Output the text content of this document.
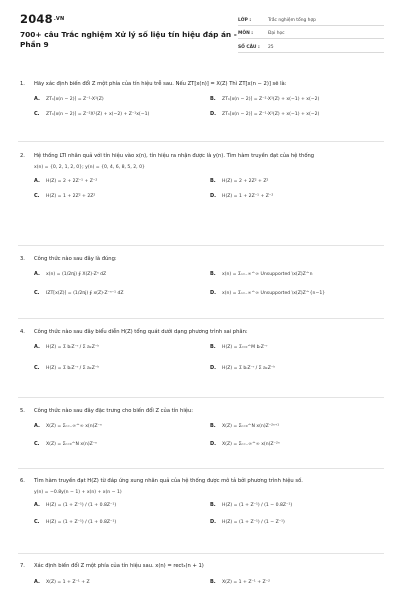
$2048^{.VN}$
700+ câu Trắc nghiệm Xử lý số liệu tín hiệu đáp án - Phần 9
LỚP :	Trắc nghiệm tổng hợp
MÔN :	Đại học
SỐ CÂU :	25
1.	Hãy xác định biến đổi Z một phía của tín hiệu trễ sau. Nếu ZT[x(n)] = X(Z) Thì ZT[x(n − 2)] sẽ là:
A.	ZT₁[x(n − 2)] = Z⁻¹·X¹(Z)	B.	ZT₁[x(n − 2)] = Z⁻²·X¹(Z) + x(−1) + x(−2)
C.	ZT₁[x(n − 2)] = Z⁻²X¹(Z) + x(−2) + Z⁻¹x(−1)	D.	ZT₁[x(n − 2)] = Z⁻¹·X¹(Z) + x(−1) + x(−2)
2.	Hệ thống LTI nhân quả với tín hiệu vào x(n), tín hiệu ra nhận được là y(n). Tìm hàm truyền đạt của hệ thống
x(n) = {0, 2, 1, 2, 0}; y(n) = {0, 4, 6, 8, 5, 2, 0}
A.	H(Z) = 2 + 2Z⁻¹ + Z⁻²	B.	H(Z) = 2 + 2Z² + Z²
C.	H(Z) = 1 + 2Z² + 2Z²	D.	H(Z) = 1 + 2Z⁻¹ + Z⁻²
3.	Công thức nào sau đây là đúng:
A.	x(n) = (1/2πj) ∮ X(Z)·Zⁿ dZ	B.	x(n) = Σₙ₌₋∞^∞ Unsupported \x(Z)Z^n
C.	IZT[x(Z)] = (1/2πj) ∮ x(Z)·Z⁻ⁿ⁻¹ dZ	D.	x(n) = Σₙ₌₋∞^∞ Unsupported \x(Z)Z^{n−1}
4.	Công thức nào sau đây biểu diễn H(Z) tổng quát dưới dạng phương trình sai phân:
A.	H(Z) = Σ bᵣZ⁻ʳ / Σ aₖZ⁻ᵏ	B.	H(Z) = Σᵣ₌₀^M bᵣZ⁻ʳ
C.	H(Z) = Σ bᵣZ⁻ʳ / Σ aₖZ⁻ᵏ	D.	H(Z) = Σ bᵣZ⁻ʳ / Σ aₖZ⁻ᵏ
5.	Công thức nào sau đây đặc trưng cho biến đổi Z của tín hiệu:
A.	X(Z) = Σₙ₌₋∞^∞ x(n)Z⁻ⁿ	B.	X(Z) = Σₙ₌₀^N x(n)Z⁻²ⁿ⁺¹
C.	X(Z) = Σₙ₌₀^N x(n)Z⁻ⁿ	D.	X(Z) = Σₙ₌₋∞^∞ x(n)Z⁻²ⁿ
6.	Tìm hàm truyền đạt H(Z) từ đáp ứng xung nhân quả của hệ thống được mô tả bởi phương trình hiệu số.
y(n) = −0.8y(n − 1) + x(n) + x(n − 1)
A.	H(Z) = (1 + Z⁻¹) / (1 + 0.8Z⁻¹)	B.	H(Z) = (1 + Z⁻¹) / (1 − 0.8Z⁻¹)
C.	H(Z) = (1 + Z⁻¹) / (1 + 0.8Z⁻¹)	D.	H(Z) = (1 + Z⁻¹) / (1 − Z⁻¹)
7.	Xác định biến đổi Z một phía của tín hiệu sau. x(n) = rect₃(n + 1)
A.	X(Z) = 1 + Z⁻¹ + Z	B.	X(Z) = 1 + Z⁻¹ + Z⁻²
